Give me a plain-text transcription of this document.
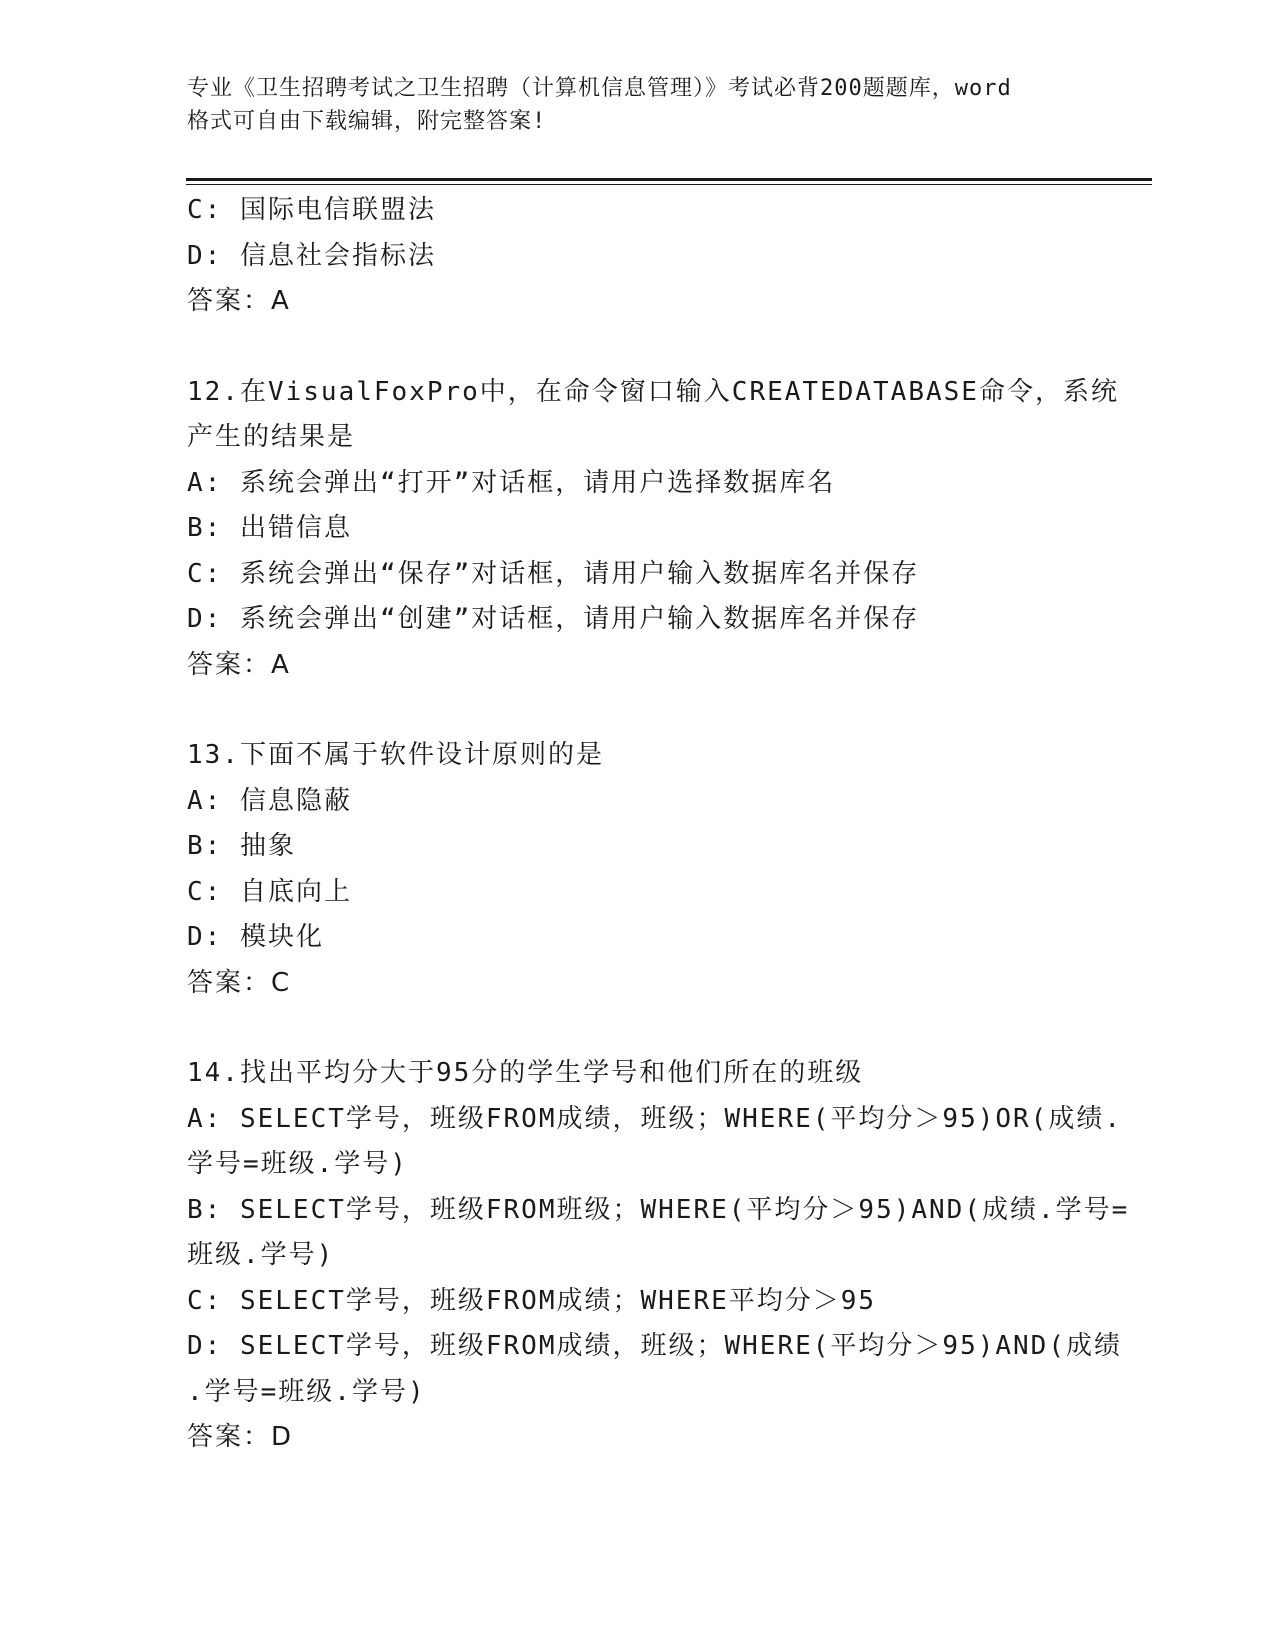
专业《卫生招聘考试之卫生招聘（计算机信息管理）》考试必背200题题库，word
格式可自由下载编辑，附完整答案!
C: 国际电信联盟法
D: 信息社会指标法
答案：A
12.在VisualFoxPro中，在命令窗口输入CREATEDATABASE命令，系统
产生的结果是
A: 系统会弹出“打开”对话框，请用户选择数据库名
B: 出错信息
C: 系统会弹出“保存”对话框，请用户输入数据库名并保存
D: 系统会弹出“创建”对话框，请用户输入数据库名并保存
答案：A
13.下面不属于软件设计原则的是
A: 信息隐蔽
B: 抽象
C: 自底向上
D: 模块化
答案：C
14.找出平均分大于95分的学生学号和他们所在的班级
A: SELECT学号，班级FROM成绩，班级；WHERE(平均分＞95)OR(成绩.
学号=班级.学号)
B: SELECT学号，班级FROM班级；WHERE(平均分＞95)AND(成绩.学号=
班级.学号)
C: SELECT学号，班级FROM成绩；WHERE平均分＞95
D: SELECT学号，班级FROM成绩，班级；WHERE(平均分＞95)AND(成绩
.学号=班级.学号)
答案：D
